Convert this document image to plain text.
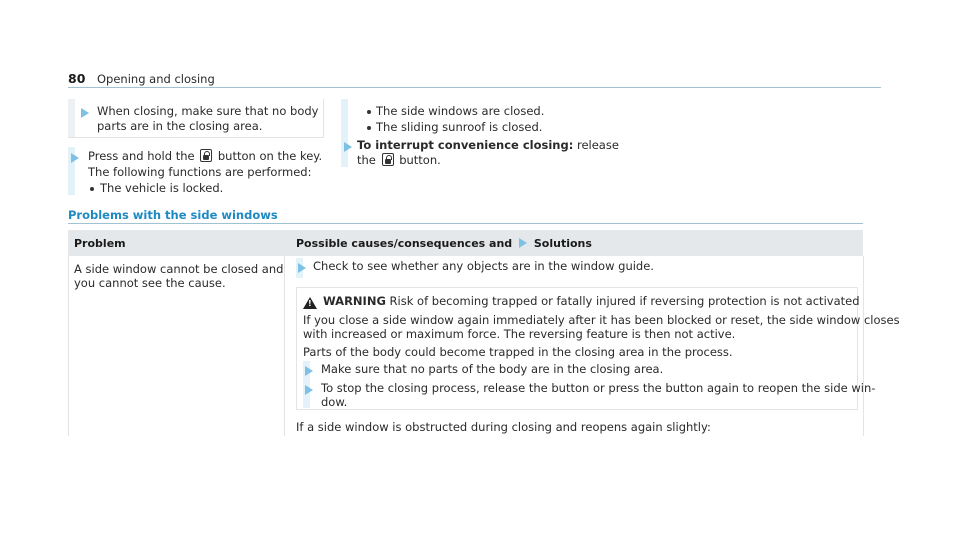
80 Opening and closing
When closing, make sure that no body
parts are in the closing area.
Press and hold the button on the key.
The following functions are performed:
The vehicle is locked.
The side windows are closed.
The sliding sunroof is closed.
To interrupt convenience closing: release
the button.
Problems with the side windows
Problem	Possible causes/consequences and Solutions
A side window cannot be closed and
you cannot see the cause.
Check to see whether any objects are in the window guide.
!
WARNING Risk of becoming trapped or fatally injured if reversing protection is not activated
If you close a side window again immediately after it has been blocked or reset, the side window closes
with increased or maximum force. The reversing feature is then not active.
Parts of the body could become trapped in the closing area in the process.
Make sure that no parts of the body are in the closing area.
To stop the closing process, release the button or press the button again to reopen the side win-
dow.
If a side window is obstructed during closing and reopens again slightly:
